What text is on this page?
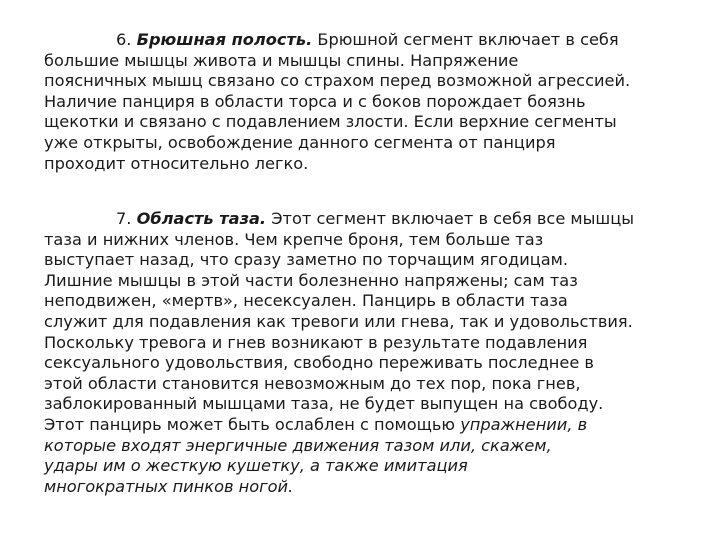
6. Брюшная полость. Брюшной сегмент включает в себя
большие мышцы живота и мышцы спины. Напряжение
поясничных мышц связано со страхом перед возможной агрессией.
Наличие панциря в области торса и с боков порождает боязнь
щекотки и связано с подавлением злости. Если верхние сегменты
уже открыты, освобождение данного сегмента от панциря
проходит относительно легко.
7. Область таза. Этот сегмент включает в себя все мышцы
таза и нижних членов. Чем крепче броня, тем больше таз
выступает назад, что сразу заметно по торчащим ягодицам.
Лишние мышцы в этой части болезненно напряжены; сам таз
неподвижен, «мертв», несексуален. Панцирь в области таза
служит для подавления как тревоги или гнева, так и удовольствия.
Поскольку тревога и гнев возникают в результате подавления
сексуального удовольствия, свободно переживать последнее в
этой области становится невозможным до тех пор, пока гнев,
заблокированный мышцами таза, не будет выпущен на свободу.
Этот панцирь может быть ослаблен с помощью упражнении, в
которые входят энергичные движения тазом или, скажем,
удары им о жесткую кушетку, а также имитация
многократных пинков ногой.
